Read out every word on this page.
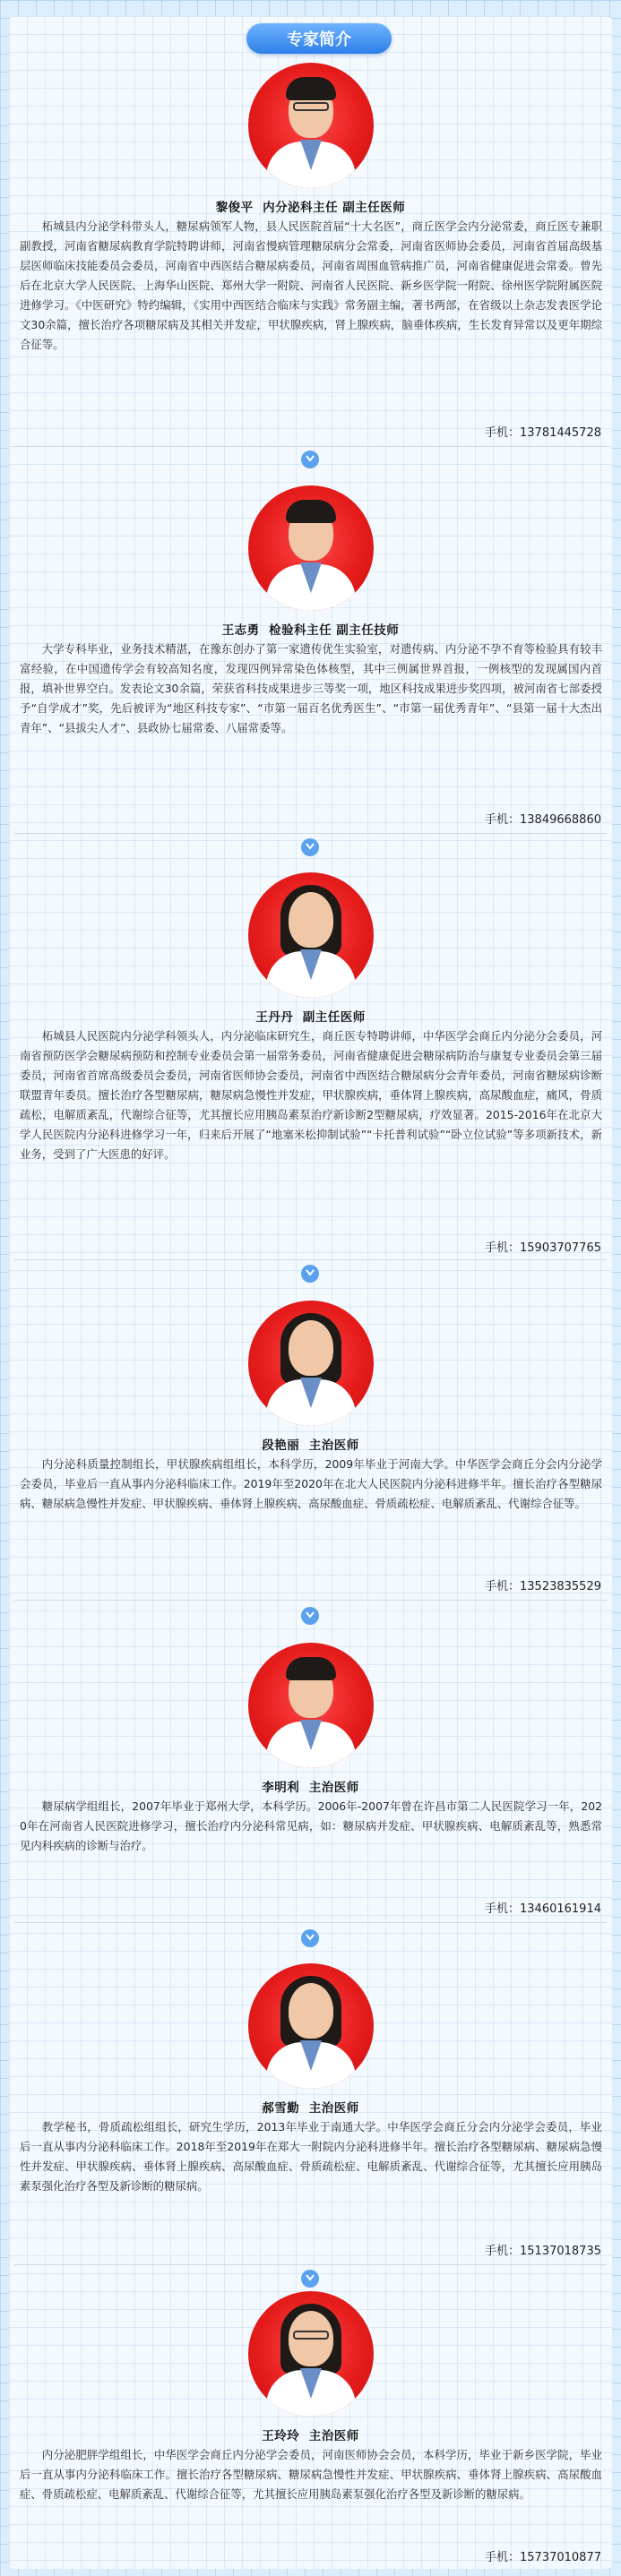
专家简介
黎俊平 内分泌科主任 副主任医师

柘城县内分泌学科带头人，糖尿病领军人物，县人民医院首届“十大名医”，商丘医学会内分泌常委，商丘医专兼职副教授，河南省糖尿病教育学院特聘讲师，河南省慢病管理糖尿病分会常委，河南省医师协会委员，河南省首届高级基层医师临床技能委员会委员，河南省中西医结合糖尿病委员，河南省周围血管病推广员，河南省健康促进会常委。曾先后在北京大学人民医院、上海华山医院、郑州大学一附院、河南省人民医院、新乡医学院一附院、徐州医学院附属医院进修学习。《中医研究》特约编辑，《实用中西医结合临床与实践》常务副主编，著书两部，在省级以上杂志发表医学论文30余篇，擅长治疗各项糖尿病及其相关并发症，甲状腺疾病，肾上腺疾病，脑垂体疾病，生长发育异常以及更年期综合征等。

手机：13781445728
王志勇 检验科主任 副主任技师

大学专科毕业，业务技术精湛，在豫东创办了第一家遗传优生实验室，对遗传病、内分泌不孕不育等检验具有较丰富经验，在中国遗传学会有较高知名度，发现四例异常染色体核型，其中三例属世界首报，一例核型的发现属国内首报，填补世界空白。发表论文30余篇，荣获省科技成果进步三等奖一项，地区科技成果进步奖四项，被河南省七部委授予“自学成才”奖，先后被评为“地区科技专家”、“市第一届百名优秀医生”、“市第一届优秀青年”、“县第一届十大杰出青年”、“县拔尖人才”、县政协七届常委、八届常委等。

手机：13849668860
王丹丹 副主任医师

柘城县人民医院内分泌学科领头人，内分泌临床研究生，商丘医专特聘讲师，中华医学会商丘内分泌分会委员，河南省预防医学会糖尿病预防和控制专业委员会第一届常务委员，河南省健康促进会糖尿病防治与康复专业委员会第三届委员，河南省首席高级委员会委员，河南省医师协会委员，河南省中西医结合糖尿病分会青年委员，河南省糖尿病诊断联盟青年委员。擅长治疗各型糖尿病，糖尿病急慢性并发症，甲状腺疾病，垂体肾上腺疾病，高尿酸血症，痛风，骨质疏松，电解质紊乱，代谢综合征等，尤其擅长应用胰岛素泵治疗新诊断2型糖尿病，疗效显著。2015-2016年在北京大学人民医院内分泌科进修学习一年，归来后开展了“地塞米松抑制试验”“卡托普利试验”“卧立位试验”等多项新技术，新业务，受到了广大医患的好评。

手机：15903707765
段艳丽 主治医师

内分泌科质量控制组长，甲状腺疾病组组长，本科学历，2009年毕业于河南大学。中华医学会商丘分会内分泌学会委员，毕业后一直从事内分泌科临床工作。2019年至2020年在北大人民医院内分泌科进修半年。擅长治疗各型糖尿病、糖尿病急慢性并发症、甲状腺疾病、垂体肾上腺疾病、高尿酸血症、骨质疏松症、电解质紊乱、代谢综合征等。

手机：13523835529
李明利 主治医师

糖尿病学组组长，2007年毕业于郑州大学，本科学历。2006年-2007年曾在许昌市第二人民医院学习一年，2020年在河南省人民医院进修学习，擅长治疗内分泌科常见病，如：糖尿病并发症、甲状腺疾病、电解质紊乱等，熟悉常见内科疾病的诊断与治疗。

手机：13460161914
郝雪勤 主治医师

教学秘书，骨质疏松组组长，研究生学历，2013年毕业于南通大学。中华医学会商丘分会内分泌学会委员，毕业后一直从事内分泌科临床工作。2018年至2019年在郑大一附院内分泌科进修半年。擅长治疗各型糖尿病、糖尿病急慢性并发症、甲状腺疾病、垂体肾上腺疾病、高尿酸血症、骨质疏松症、电解质紊乱、代谢综合征等，尤其擅长应用胰岛素泵强化治疗各型及新诊断的糖尿病。

手机：15137018735
王玲玲 主治医师

内分泌肥胖学组组长，中华医学会商丘内分泌学会委员，河南医师协会会员，本科学历，毕业于新乡医学院，毕业后一直从事内分泌科临床工作。擅长治疗各型糖尿病、糖尿病急慢性并发症、甲状腺疾病、垂体肾上腺疾病、高尿酸血症、骨质疏松症、电解质紊乱、代谢综合征等，尤其擅长应用胰岛素泵强化治疗各型及新诊断的糖尿病。

手机：15737010877
